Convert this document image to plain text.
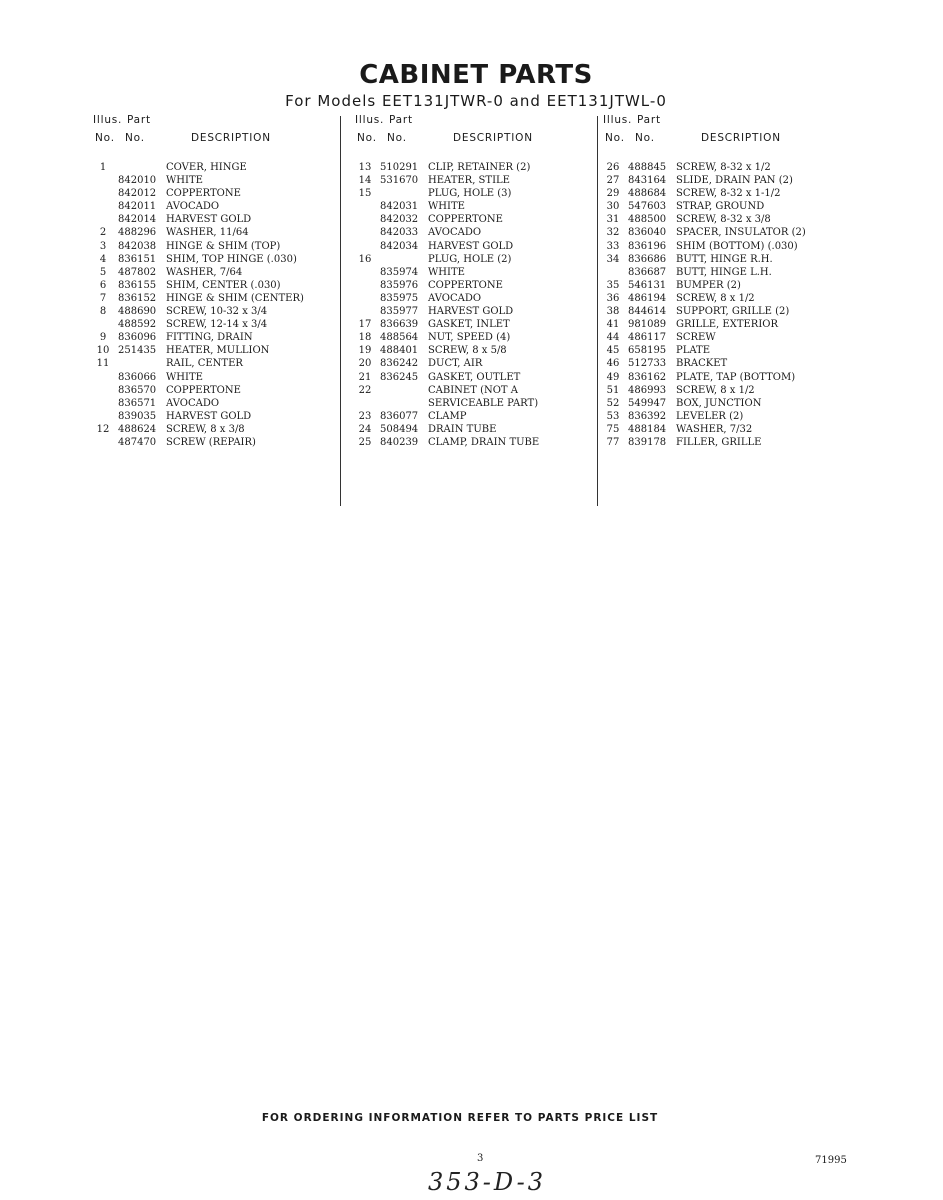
CABINET PARTS
For Models EET131JTWR-0 and EET131JTWL-0
Illus. Part
No. No.	DESCRIPTION
1	COVER, HINGE
842010 WHITE
842012 COPPERTONE
842011 AVOCADO
842014 HARVEST GOLD
2	488296 WASHER, 11/64
3	842038 HINGE & SHIM (TOP)
4	836151 SHIM, TOP HINGE (.030)
5	487802 WASHER, 7/64
6	836155 SHIM, CENTER (.030)
7	836152 HINGE & SHIM (CENTER)
8	488690 SCREW, 10-32 x 3/4
488592 SCREW, 12-14 x 3/4
9	836096 FITTING, DRAIN
10 251435 HEATER, MULLION
11	RAIL, CENTER
836066 WHITE
836570 COPPERTONE
836571 AVOCADO
839035 HARVEST GOLD
12 488624 SCREW, 8 x 3/8
487470 SCREW (REPAIR)
Illus. Part
No. No.	DESCRIPTION
13 510291 CLIP, RETAINER (2)
14 531670 HEATER, STILE
15	PLUG, HOLE (3)
842031 WHITE
842032 COPPERTONE
842033 AVOCADO
842034 HARVEST GOLD
16	PLUG, HOLE (2)
835974 WHITE
835976 COPPERTONE
835975 AVOCADO
835977 HARVEST GOLD
17 836639 GASKET, INLET
18 488564 NUT, SPEED (4)
19 488401 SCREW, 8 x 5/8
20 836242 DUCT, AIR
21 836245 GASKET, OUTLET
22	CABINET (NOT A
SERVICEABLE PART)
23 836077 CLAMP
24 508494 DRAIN TUBE
25 840239 CLAMP, DRAIN TUBE
Illus. Part
No. No.	DESCRIPTION
26 488845 SCREW, 8-32 x 1/2
27 843164 SLIDE, DRAIN PAN (2)
29 488684 SCREW, 8-32 x 1-1/2
30 547603 STRAP, GROUND
31 488500 SCREW, 8-32 x 3/8
32 836040 SPACER, INSULATOR (2)
33 836196 SHIM (BOTTOM) (.030)
34 836686 BUTT, HINGE R.H.
836687 BUTT, HINGE L.H.
35 546131 BUMPER (2)
36 486194 SCREW, 8 x 1/2
38 844614 SUPPORT, GRILLE (2)
41 981089 GRILLE, EXTERIOR
44 486117 SCREW
45 658195 PLATE
46 512733 BRACKET
49 836162 PLATE, TAP (BOTTOM)
51 486993 SCREW, 8 x 1/2
52 549947 BOX, JUNCTION
53 836392 LEVELER (2)
75 488184 WASHER, 7/32
77 839178 FILLER, GRILLE
FOR ORDERING INFORMATION REFER TO PARTS PRICE LIST
3	71995
353-D-3
